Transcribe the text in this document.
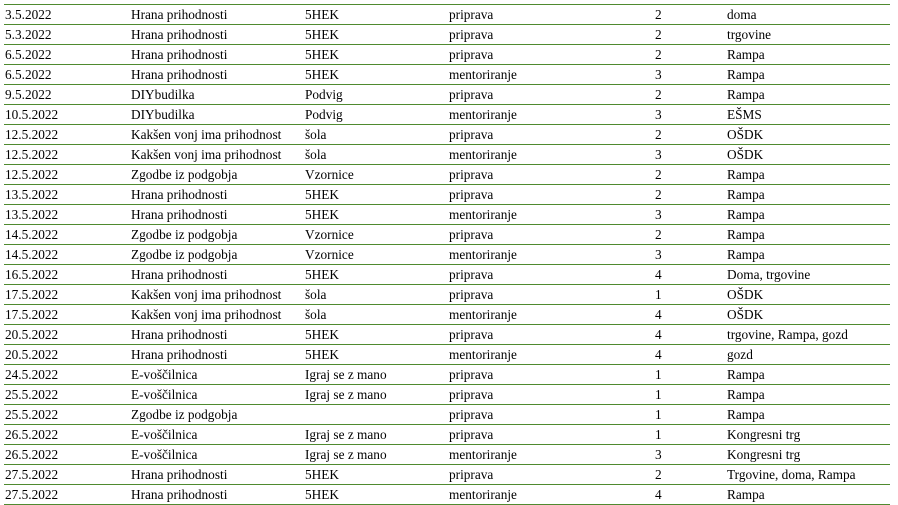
3.5.2022	Hrana prihodnosti	5HEK	priprava	2	doma
5.3.2022	Hrana prihodnosti	5HEK	priprava	2	trgovine
6.5.2022	Hrana prihodnosti	5HEK	priprava	2	Rampa
6.5.2022	Hrana prihodnosti	5HEK	mentoriranje	3	Rampa
9.5.2022	DIYbudilka	Podvig	priprava	2	Rampa
10.5.2022	DIYbudilka	Podvig	mentoriranje	3	EŠMS
12.5.2022	Kakšen vonj ima prihodnost	šola	priprava	2	OŠDK
12.5.2022	Kakšen vonj ima prihodnost	šola	mentoriranje	3	OŠDK
12.5.2022	Zgodbe iz podgobja	Vzornice	priprava	2	Rampa
13.5.2022	Hrana prihodnosti	5HEK	priprava	2	Rampa
13.5.2022	Hrana prihodnosti	5HEK	mentoriranje	3	Rampa
14.5.2022	Zgodbe iz podgobja	Vzornice	priprava	2	Rampa
14.5.2022	Zgodbe iz podgobja	Vzornice	mentoriranje	3	Rampa
16.5.2022	Hrana prihodnosti	5HEK	priprava	4	Doma, trgovine
17.5.2022	Kakšen vonj ima prihodnost	šola	priprava	1	OŠDK
17.5.2022	Kakšen vonj ima prihodnost	šola	mentoriranje	4	OŠDK
20.5.2022	Hrana prihodnosti	5HEK	priprava	4	trgovine, Rampa, gozd
20.5.2022	Hrana prihodnosti	5HEK	mentoriranje	4	gozd
24.5.2022	E-voščilnica	Igraj se z mano	priprava	1	Rampa
25.5.2022	E-voščilnica	Igraj se z mano	priprava	1	Rampa
25.5.2022	Zgodbe iz podgobja		priprava	1	Rampa
26.5.2022	E-voščilnica	Igraj se z mano	priprava	1	Kongresni trg
26.5.2022	E-voščilnica	Igraj se z mano	mentoriranje	3	Kongresni trg
27.5.2022	Hrana prihodnosti	5HEK	priprava	2	Trgovine, doma, Rampa
27.5.2022	Hrana prihodnosti	5HEK	mentoriranje	4	Rampa
